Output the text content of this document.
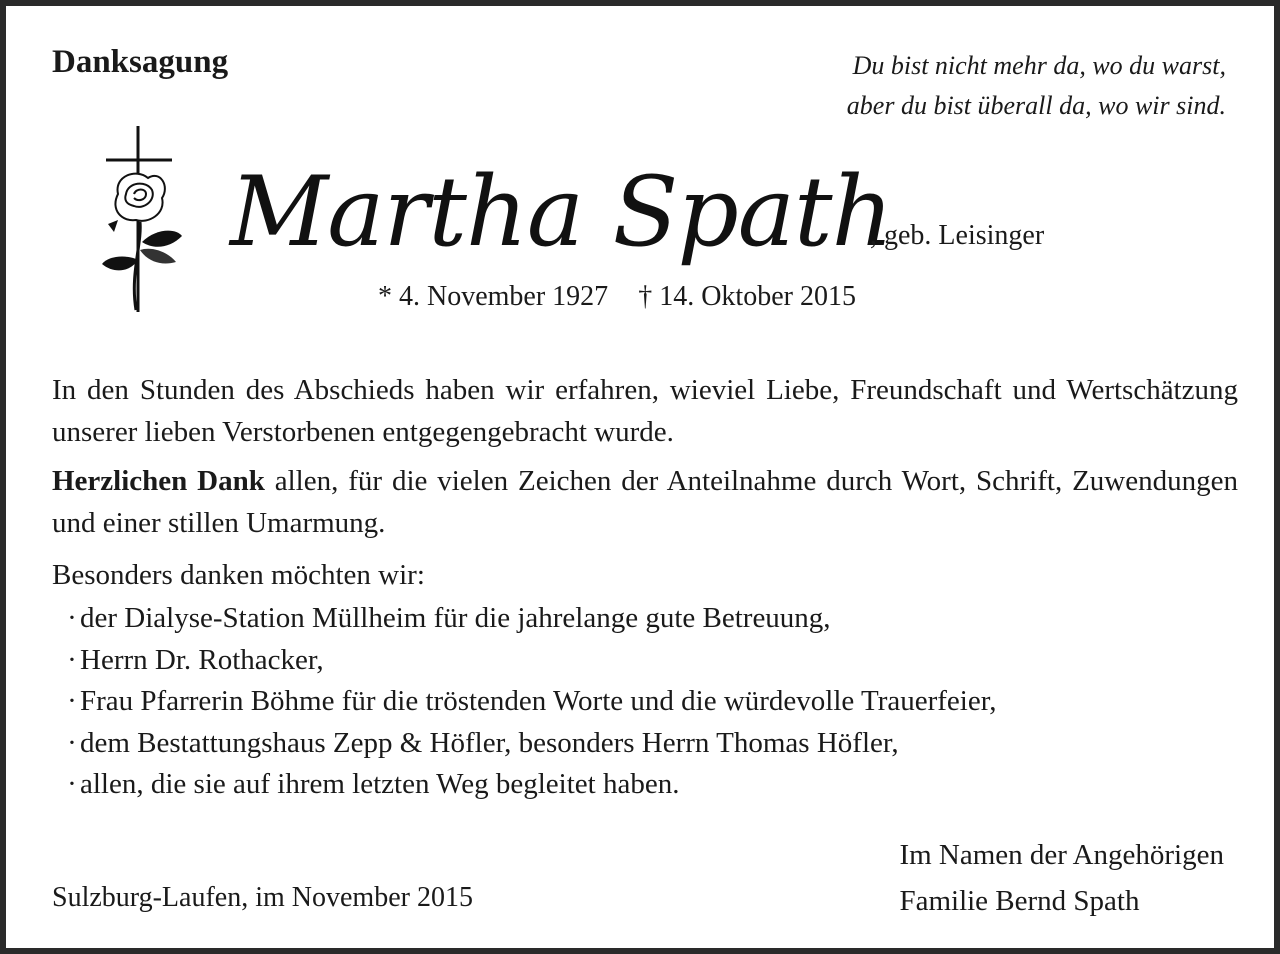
Danksagung	Du bist nicht mehr da, wo du warst,
aber du bist überall da, wo wir sind.
Martha Spath
, geb. Leisinger
* 4. November 1927 † 14. Oktober 2015
In den Stunden des Abschieds haben wir erfahren, wieviel Liebe, Freundschaft und Wertschätzung unserer lieben Verstorbenen entgegengebracht wurde.
Herzlichen Dank allen, für die vielen Zeichen der Anteilnahme durch Wort, Schrift, Zuwendungen und einer stillen Umarmung.
Besonders danken möchten wir:
· der Dialyse-Station Müllheim für die jahrelange gute Betreuung,
· Herrn Dr. Rothacker,
· Frau Pfarrerin Böhme für die tröstenden Worte und die würdevolle Trauerfeier,
· dem Bestattungshaus Zepp & Höfler, besonders Herrn Thomas Höfler,
· allen, die sie auf ihrem letzten Weg begleitet haben.
Im Namen der Angehörigen
Familie Bernd Spath
Sulzburg-Laufen, im November 2015
